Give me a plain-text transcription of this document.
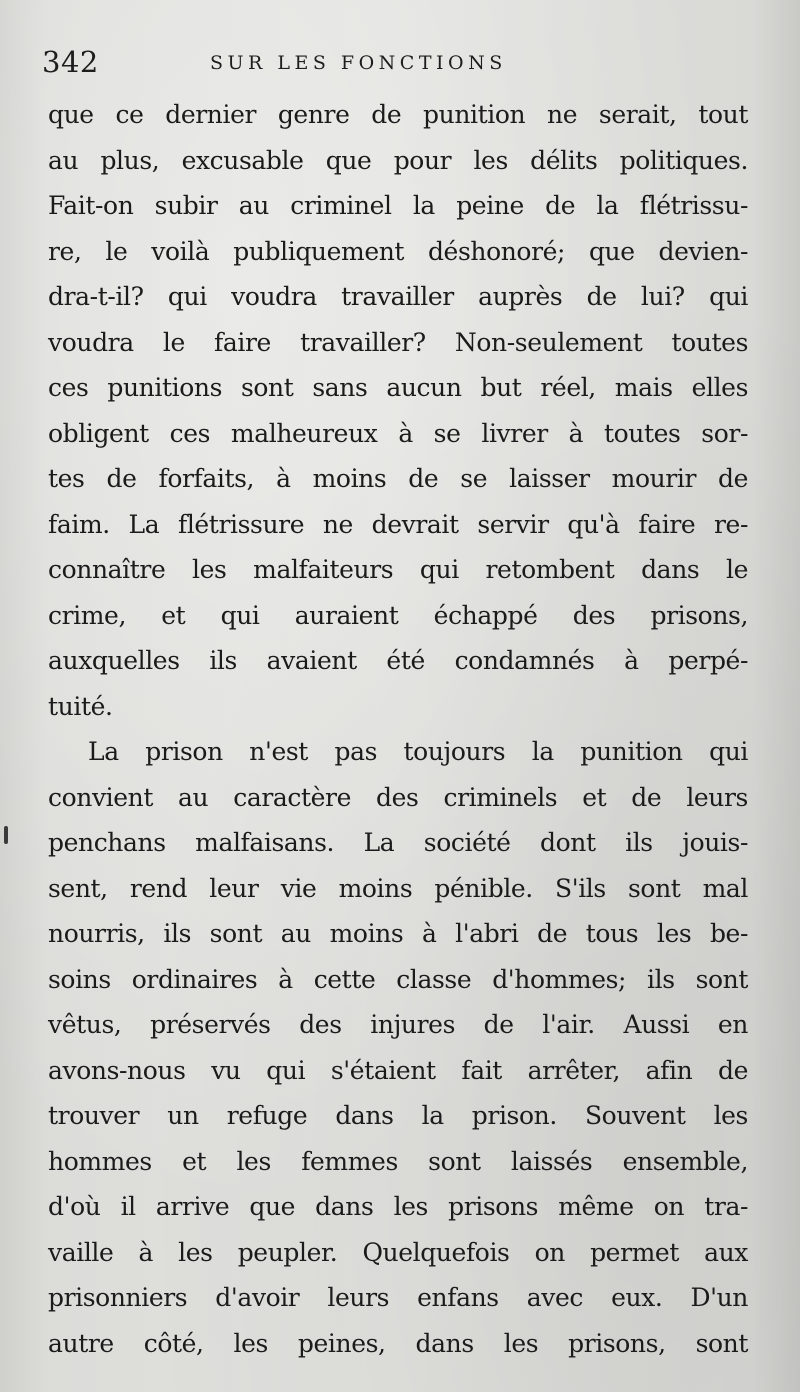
342	SUR LES FONCTIONS
que ce dernier genre de punition ne serait, tout
au plus, excusable que pour les délits politiques.
Fait-on subir au criminel la peine de la flétrissu-
re, le voilà publiquement déshonoré; que devien-
dra-t-il? qui voudra travailler auprès de lui? qui
voudra le faire travailler? Non-seulement toutes
ces punitions sont sans aucun but réel, mais elles
obligent ces malheureux à se livrer à toutes sor-
tes de forfaits, à moins de se laisser mourir de
faim. La flétrissure ne devrait servir qu'à faire re-
connaître les malfaiteurs qui retombent dans le
crime, et qui auraient échappé des prisons,
auxquelles ils avaient été condamnés à perpé-
tuité.
La prison n'est pas toujours la punition qui
convient au caractère des criminels et de leurs
penchans malfaisans. La société dont ils jouis-
sent, rend leur vie moins pénible. S'ils sont mal
nourris, ils sont au moins à l'abri de tous les be-
soins ordinaires à cette classe d'hommes; ils sont
vêtus, préservés des injures de l'air. Aussi en
avons-nous vu qui s'étaient fait arrêter, afin de
trouver un refuge dans la prison. Souvent les
hommes et les femmes sont laissés ensemble,
d'où il arrive que dans les prisons même on tra-
vaille à les peupler. Quelquefois on permet aux
prisonniers d'avoir leurs enfans avec eux. D'un
autre côté, les peines, dans les prisons, sont
